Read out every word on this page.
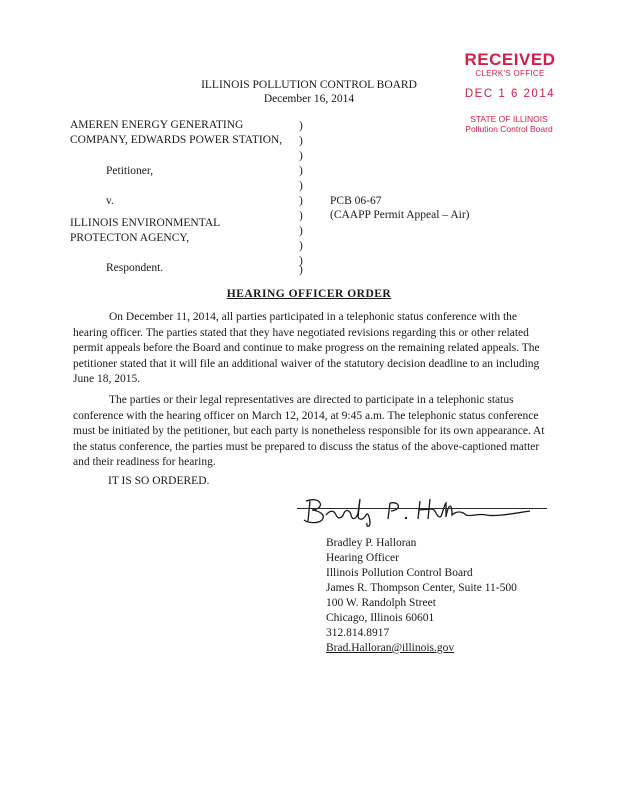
RECEIVED
CLERK'S OFFICE
DEC 1 6 2014
STATE OF ILLINOIS
Pollution Control Board
ILLINOIS POLLUTION CONTROL BOARD
December 16, 2014
AMEREN ENERGY GENERATING
COMPANY, EDWARDS POWER STATION,
Petitioner,
v.
ILLINOIS ENVIRONMENTAL
PROTECTON AGENCY,
Respondent.
)
)
)
)
)
)
)
)
)
)
)
PCB 06-67
(CAAPP Permit Appeal – Air)
HEARING OFFICER ORDER
On December 11, 2014, all parties participated in a telephonic status conference with the hearing officer. The parties stated that they have negotiated revisions regarding this or other related permit appeals before the Board and continue to make progress on the remaining related appeals. The petitioner stated that it will file an additional waiver of the statutory decision deadline to an including June 18, 2015.
The parties or their legal representatives are directed to participate in a telephonic status conference with the hearing officer on March 12, 2014, at 9:45 a.m. The telephonic status conference must be initiated by the petitioner, but each party is nonetheless responsible for its own appearance. At the status conference, the parties must be prepared to discuss the status of the above-captioned matter and their readiness for hearing.
IT IS SO ORDERED.
Bradley P. Halloran
Hearing Officer
Illinois Pollution Control Board
James R. Thompson Center, Suite 11-500
100 W. Randolph Street
Chicago, Illinois 60601
312.814.8917
Brad.Halloran@illinois.gov
